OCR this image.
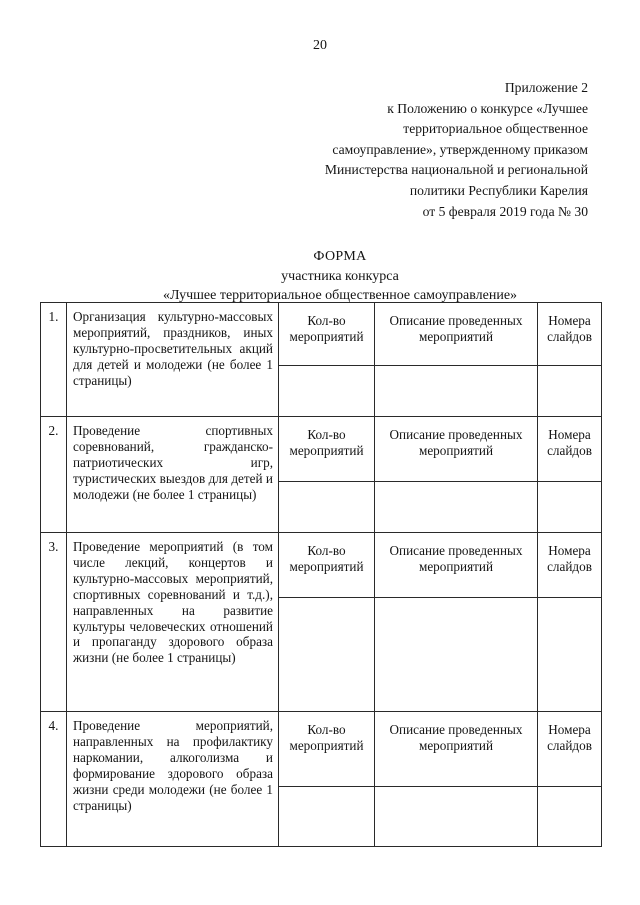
20
Приложение 2
к Положению о конкурсе «Лучшее
территориальное общественное
самоуправление», утвержденному приказом
Министерства национальной и региональной
политики Республики Карелия
от 5 февраля 2019 года № 30
ФОРМА
участника конкурса
«Лучшее территориальное общественное самоуправление»
1.	Организация культурно-массовых мероприятий, праздников, иных культурно-просветительных акций для детей и молодежи (не более 1 страницы)	Кол-во мероприятий	Описание проведенных мероприятий	Номера слайдов

2.	Проведение спортивных соревнований, гражданско-патриотических игр, туристических выездов для детей и молодежи (не более 1 страницы)	Кол-во мероприятий	Описание проведенных мероприятий	Номера слайдов

3.	Проведение мероприятий (в том числе лекций, концертов и культурно-массовых мероприятий, спортивных соревнований и т.д.), направленных на развитие культуры человеческих отношений и пропаганду здорового образа жизни (не более 1 страницы)	Кол-во мероприятий	Описание проведенных мероприятий	Номера слайдов

4.	Проведение мероприятий, направленных на профилактику наркомании, алкоголизма и формирование здорового образа жизни среди молодежи (не более 1 страницы)	Кол-во мероприятий	Описание проведенных мероприятий	Номера слайдов
